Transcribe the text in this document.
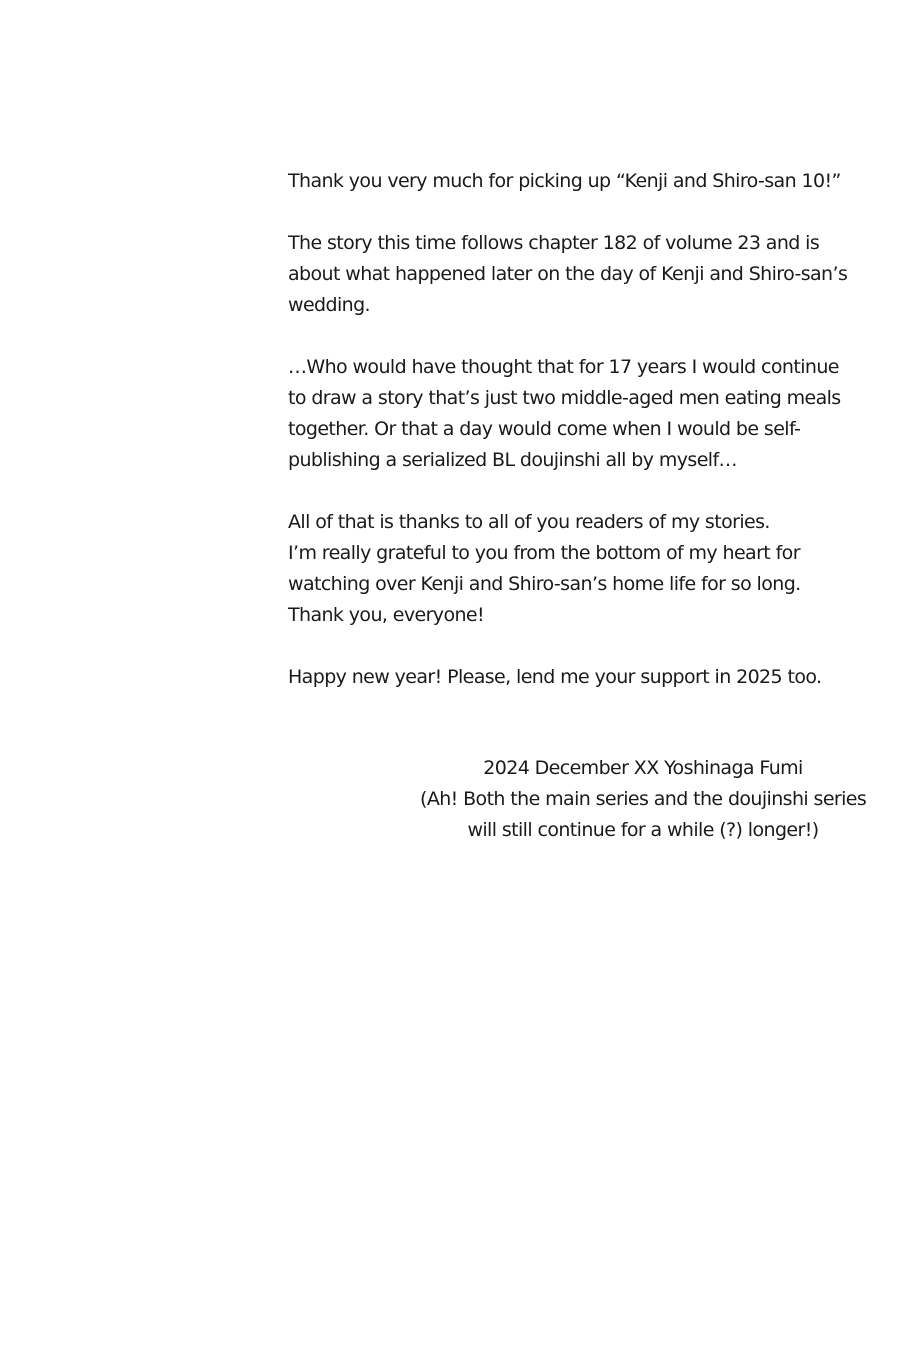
Thank you very much for picking up “Kenji and Shiro-san 10!”

The story this time follows chapter 182 of volume 23 and is
about what happened later on the day of Kenji and Shiro-san’s
wedding.

…Who would have thought that for 17 years I would continue
to draw a story that’s just two middle-aged men eating meals
together. Or that a day would come when I would be self-
publishing a serialized BL doujinshi all by myself…

All of that is thanks to all of you readers of my stories.
I’m really grateful to you from the bottom of my heart for
watching over Kenji and Shiro-san’s home life for so long.
Thank you, everyone!

Happy new year! Please, lend me your support in 2025 too.

2024 December XX Yoshinaga Fumi
(Ah! Both the main series and the doujinshi series
will still continue for a while (?) longer!)
